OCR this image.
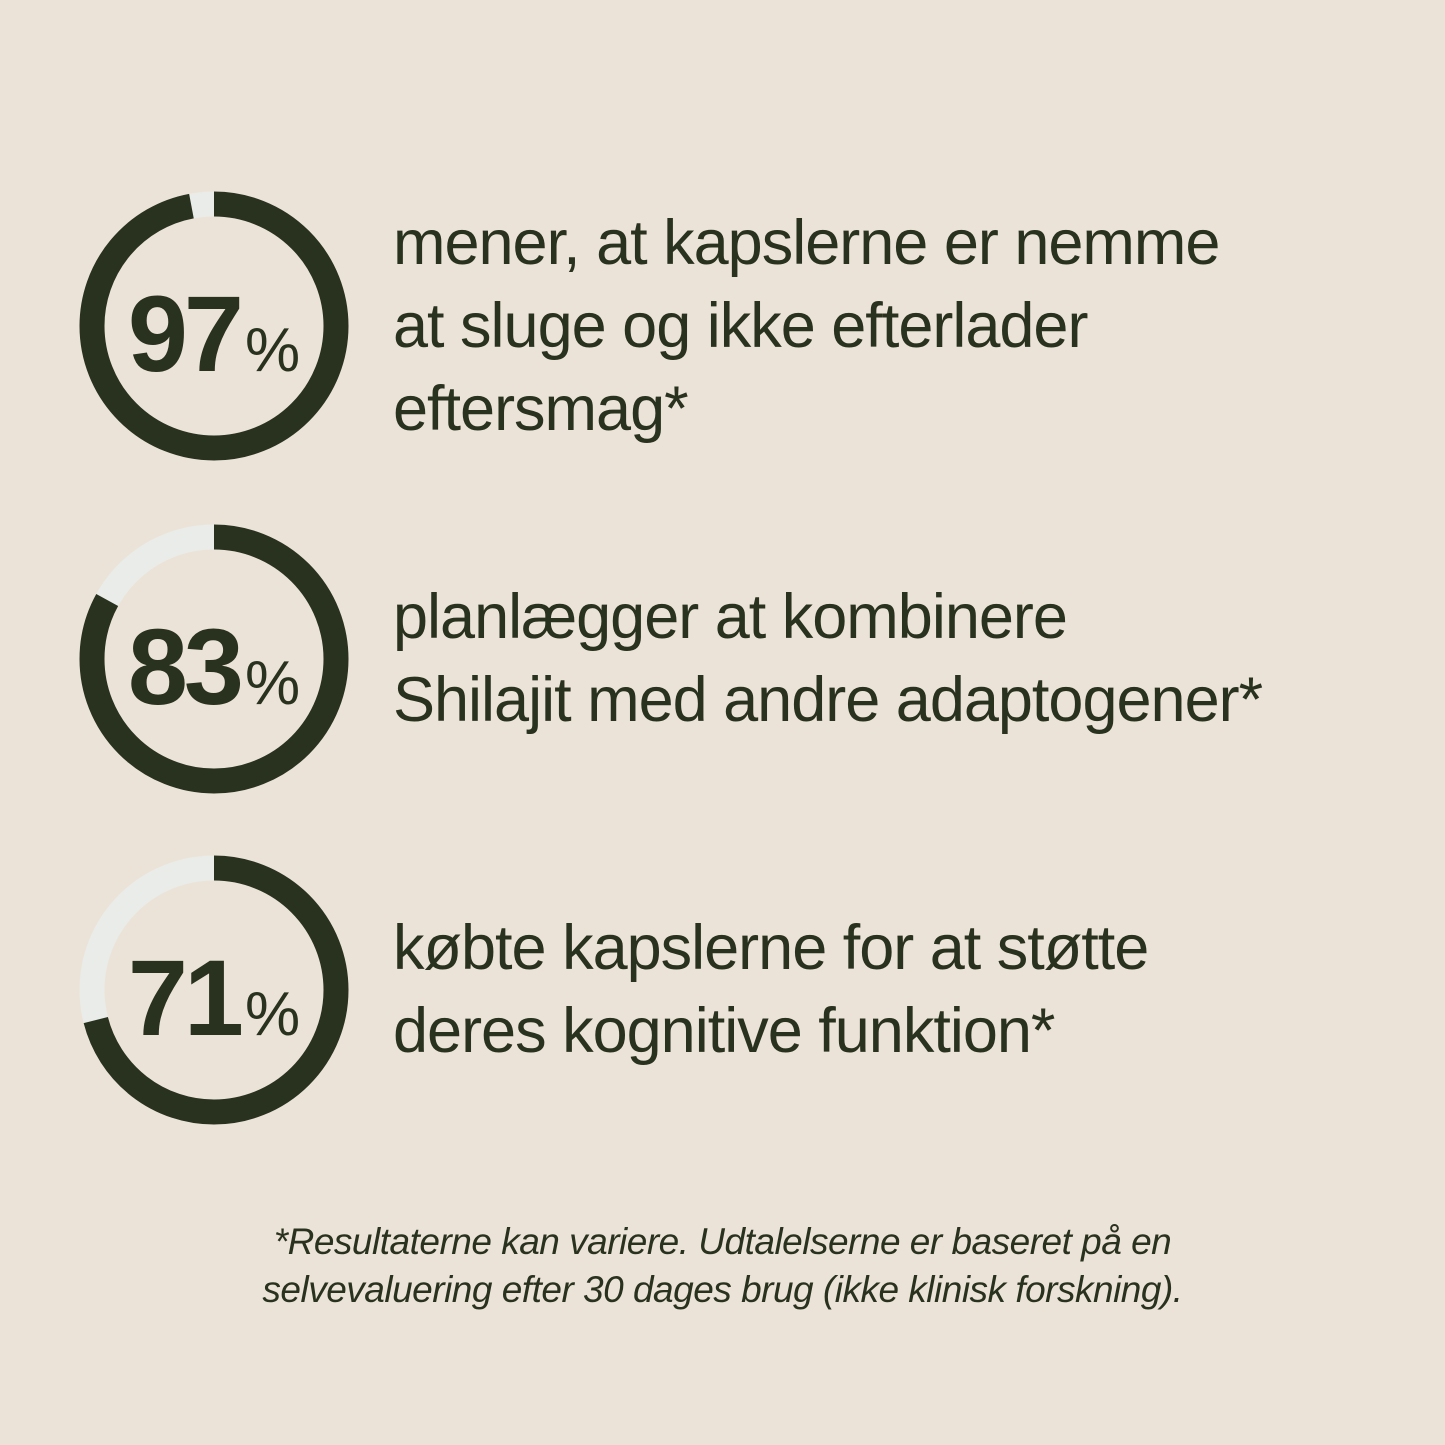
97%
mener, at kapslerne er nemme
at sluge og ikke efterlader
eftersmag*
83%
planlægger at kombinere
Shilajit med andre adaptogener*
71%
købte kapslerne for at støtte
deres kognitive funktion*
*Resultaterne kan variere. Udtalelserne er baseret på en
selvevaluering efter 30 dages brug (ikke klinisk forskning).
